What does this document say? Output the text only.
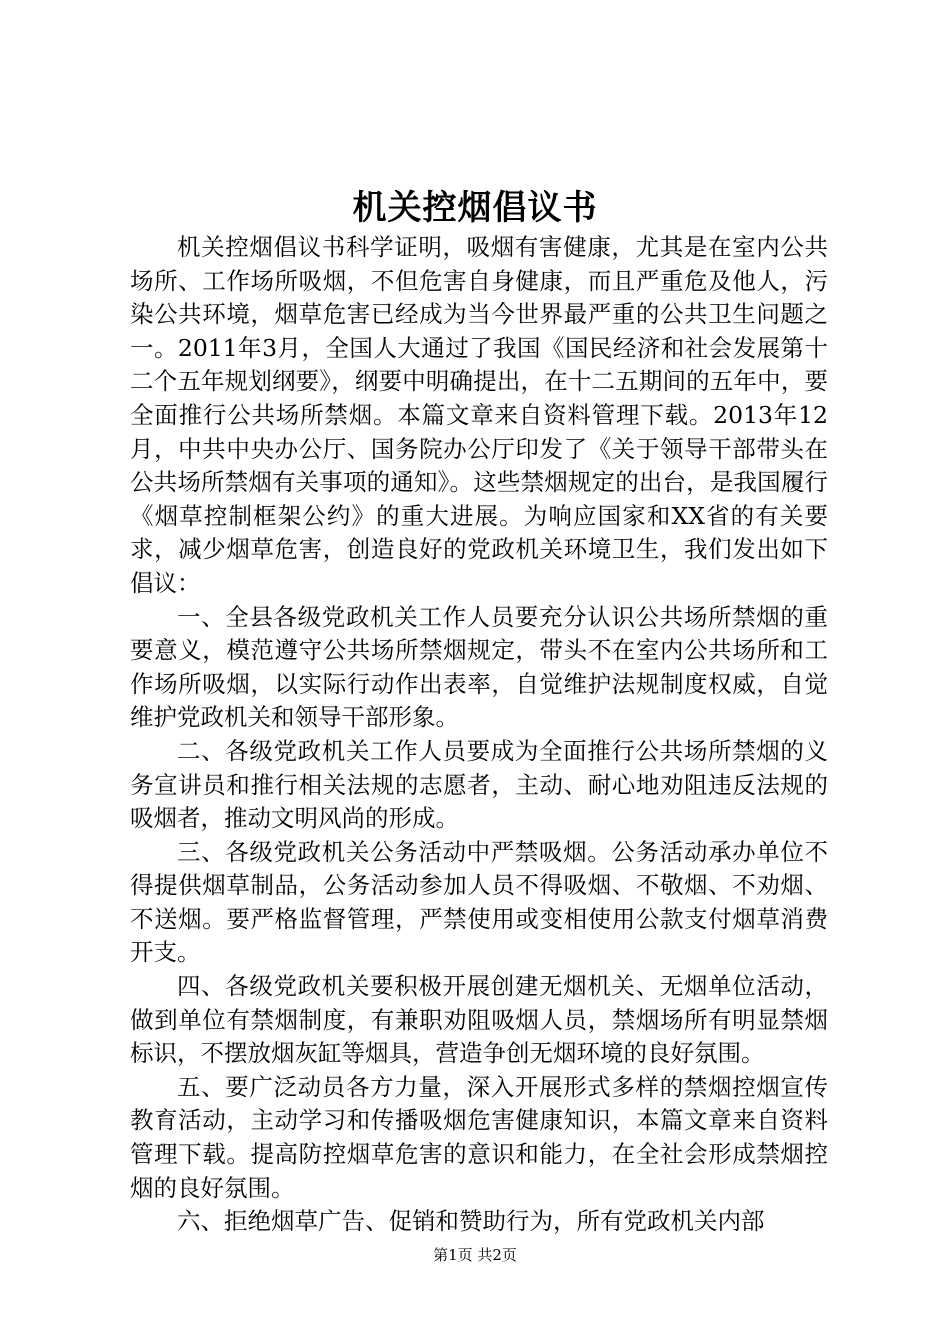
机关控烟倡议书

机关控烟倡议书科学证明，吸烟有害健康，尤其是在室内公共场所、工作场所吸烟，不但危害自身健康，而且严重危及他人，污染公共环境，烟草危害已经成为当今世界最严重的公共卫生问题之一。2011年3月，全国人大通过了我国《国民经济和社会发展第十二个五年规划纲要》，纲要中明确提出，在十二五期间的五年中，要全面推行公共场所禁烟。本篇文章来自资料管理下载。2013年12月，中共中央办公厅、国务院办公厅印发了《关于领导干部带头在公共场所禁烟有关事项的通知》。这些禁烟规定的出台，是我国履行《烟草控制框架公约》的重大进展。为响应国家和XX省的有关要求，减少烟草危害，创造良好的党政机关环境卫生，我们发出如下倡议：

一、全县各级党政机关工作人员要充分认识公共场所禁烟的重要意义，模范遵守公共场所禁烟规定，带头不在室内公共场所和工作场所吸烟，以实际行动作出表率，自觉维护法规制度权威，自觉维护党政机关和领导干部形象。

二、各级党政机关工作人员要成为全面推行公共场所禁烟的义务宣讲员和推行相关法规的志愿者，主动、耐心地劝阻违反法规的吸烟者，推动文明风尚的形成。

三、各级党政机关公务活动中严禁吸烟。公务活动承办单位不得提供烟草制品，公务活动参加人员不得吸烟、不敬烟、不劝烟、不送烟。要严格监督管理，严禁使用或变相使用公款支付烟草消费开支。

四、各级党政机关要积极开展创建无烟机关、无烟单位活动，做到单位有禁烟制度，有兼职劝阻吸烟人员，禁烟场所有明显禁烟标识，不摆放烟灰缸等烟具，营造争创无烟环境的良好氛围。

五、要广泛动员各方力量，深入开展形式多样的禁烟控烟宣传教育活动，主动学习和传播吸烟危害健康知识，本篇文章来自资料管理下载。提高防控烟草危害的意识和能力，在全社会形成禁烟控烟的良好氛围。

六、拒绝烟草广告、促销和赞助行为，所有党政机关内部

第1页 共2页
